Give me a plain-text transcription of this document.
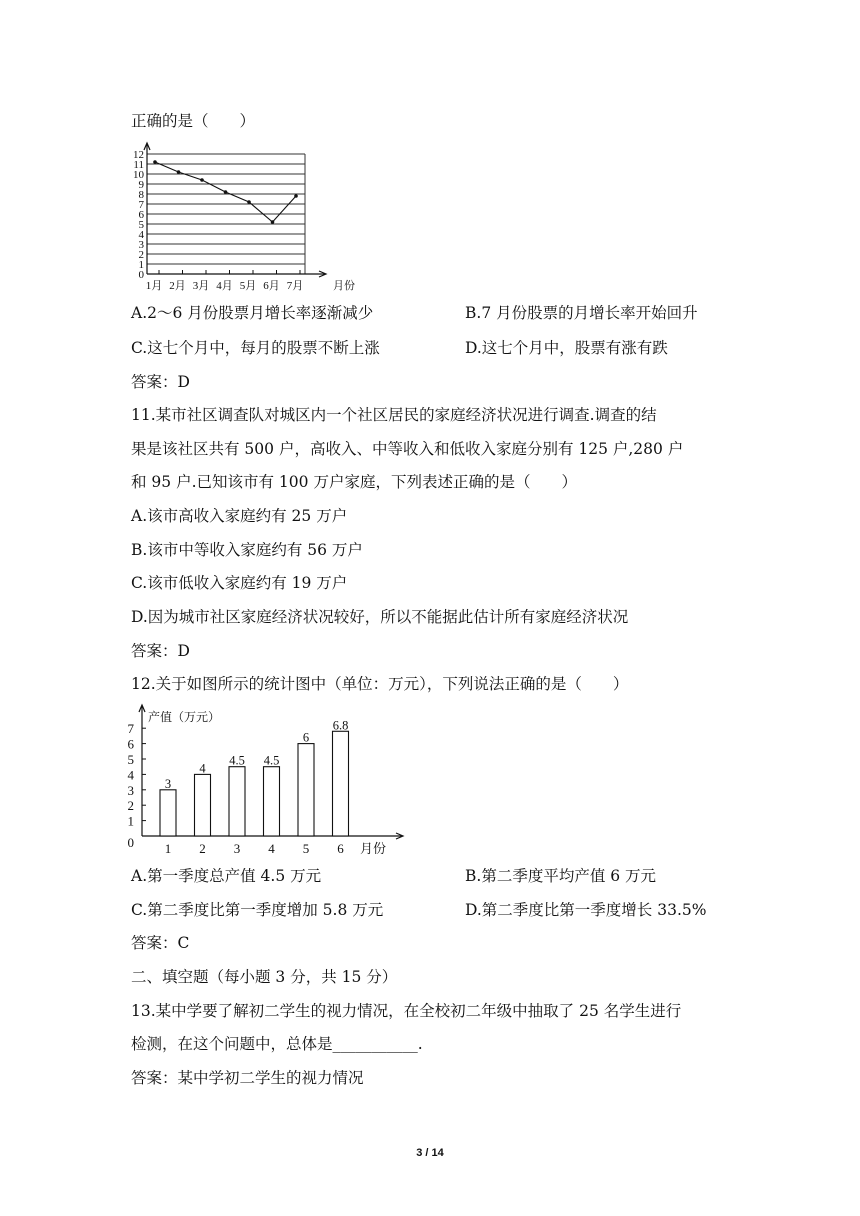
正确的是（　　）
0
1
2
3
4
5
6
7
8
9
10
11
12
1月 2月 3月 4月 5月 6月 7月	月份
A.2～6 月份股票月增长率逐渐减少	B.7 月份股票的月增长率开始回升
C.这七个月中，每月的股票不断上涨	D.这七个月中，股票有涨有跌
答案：D
11.某市社区调查队对城区内一个社区居民的家庭经济状况进行调查.调查的结
果是该社区共有 500 户，高收入、中等收入和低收入家庭分别有 125 户,280 户
和 95 户.已知该市有 100 万户家庭，下列表述正确的是（　　）
A.该市高收入家庭约有 25 万户
B.该市中等收入家庭约有 56 万户
C.该市低收入家庭约有 19 万户
D.因为城市社区家庭经济状况较好，所以不能据此估计所有家庭经济状况
答案：D
12.关于如图所示的统计图中（单位：万元），下列说法正确的是（　　）
1
2
3
4
5
6
7
0
产值（万元）
3
1
4
2
4.5
3
4.5
4
6
5
6.8
6 月份
A.第一季度总产值 4.5 万元	B.第二季度平均产值 6 万元
C.第二季度比第一季度增加 5.8 万元	D.第二季度比第一季度增长 33.5%
答案：C
二、填空题（每小题 3 分，共 15 分）
13.某中学要了解初二学生的视力情况，在全校初二年级中抽取了 25 名学生进行
检测，在这个问题中，总体是___________.
答案：某中学初二学生的视力情况
3 / 14
